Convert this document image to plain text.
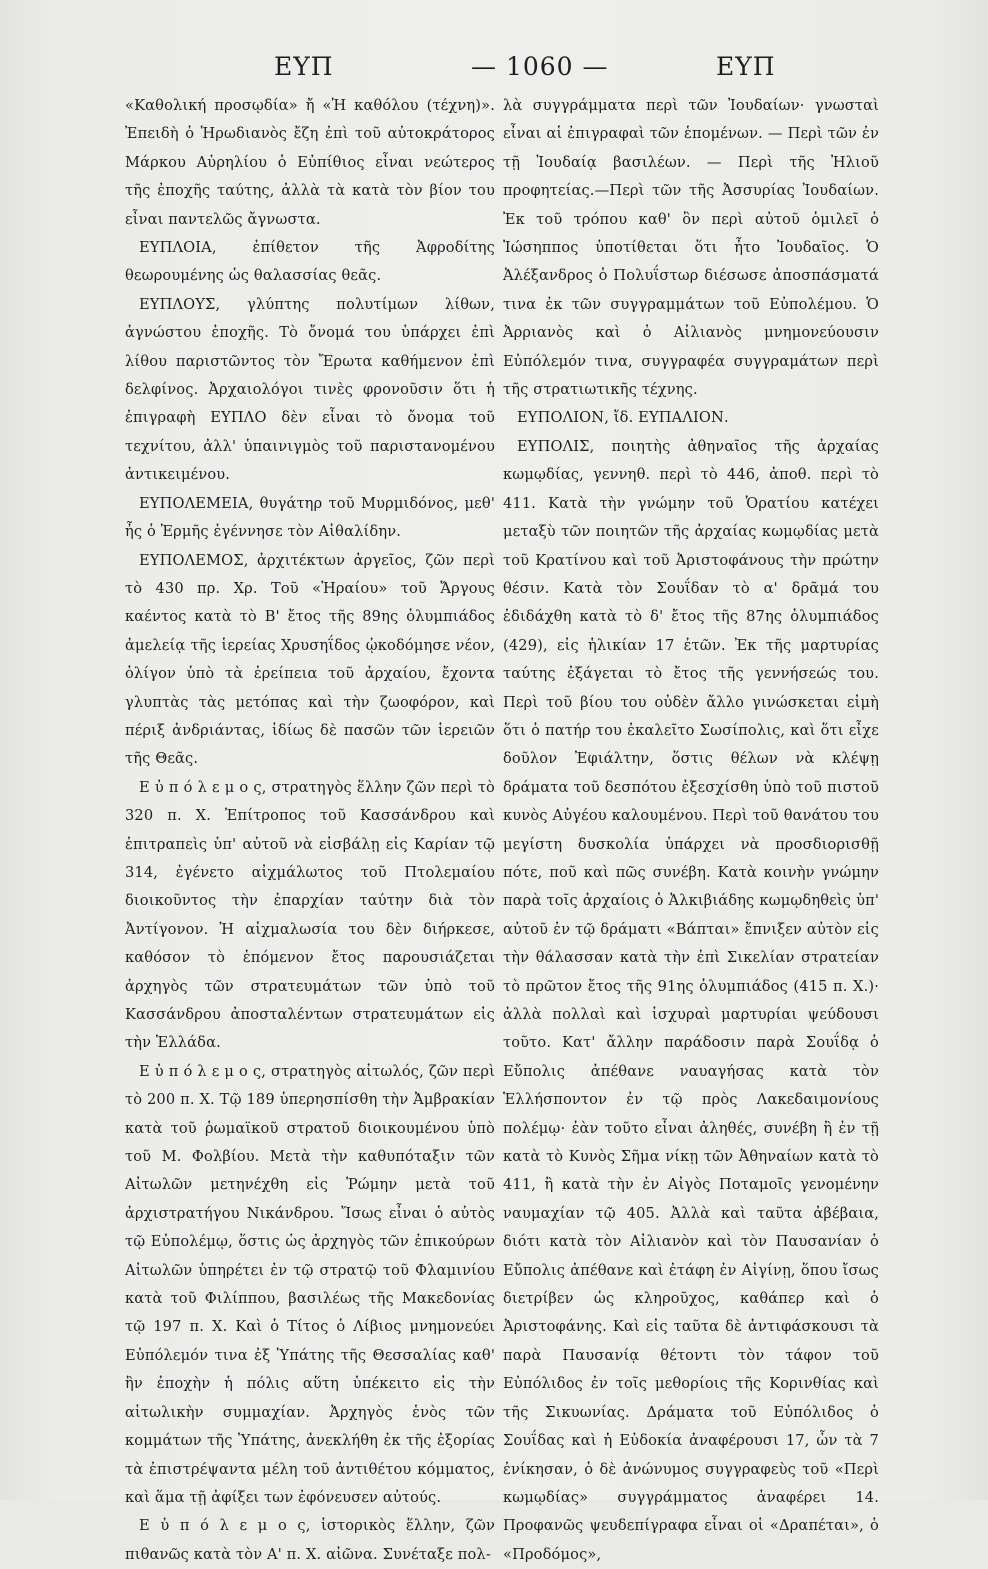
ΕΥΠ	— 1060 —	ΕΥΠ

«Καθολική προσῳδία» ἤ «Ἡ καθόλου (τέχνη)». Ἐπειδὴ ὁ Ἡρωδιανὸς ἔζη ἐπὶ τοῦ αὐτοκράτορος Μάρκου Αὐρηλίου ὁ Εὐπίθιος εἶναι νεώτερος τῆς ἐποχῆς ταύτης, ἀλλὰ τὰ κατὰ τὸν βίον του εἶναι παντελῶς ἄγνωστα.

ΕΥΠΛΟΙΑ, ἐπίθετον τῆς Ἀφροδίτης θεωρουμένης ὡς θαλασσίας θεᾶς.

ΕΥΠΛΟΥΣ, γλύπτης πολυτίμων λίθων, ἀγνώστου ἐποχῆς. Τὸ ὄνομά του ὑπάρχει ἐπὶ λίθου παριστῶντος τὸν Ἔρωτα καθήμενον ἐπὶ δελφίνος. Ἀρχαιολόγοι τινὲς φρονοῦσιν ὅτι ἡ ἐπιγραφὴ ΕΥΠΛΟ δὲν εἶναι τὸ ὄνομα τοῦ τεχνίτου, ἀλλ' ὑπαινιγμὸς τοῦ παριστανομένου ἀντικειμένου.

ΕΥΠΟΛΕΜΕΙΑ, θυγάτηρ τοῦ Μυρμιδόνος, μεθ' ἧς ὁ Ἑρμῆς ἐγέννησε τὸν Αἰθαλίδην.

ΕΥΠΟΛΕΜΟΣ, ἀρχιτέκτων ἀργεῖος, ζῶν περὶ τὸ 430 πρ. Χρ. Τοῦ «Ἡραίου» τοῦ Ἄργους καέντος κατὰ τὸ Β' ἔτος τῆς 89ης ὀλυμπιάδος ἀμελείᾳ τῆς ἱερείας Χρυσηΐδος ᾠκοδόμησε νέον, ὀλίγον ὑπὸ τὰ ἐρείπεια τοῦ ἀρχαίου, ἔχοντα γλυπτὰς τὰς μετόπας καὶ τὴν ζωοφόρον, καὶ πέριξ ἀνδριάντας, ἰδίως δὲ πασῶν τῶν ἱερειῶν τῆς Θεᾶς.

Ε ὐ π ό λ ε μ ο ς, στρατηγὸς ἕλλην ζῶν περὶ τὸ 320 π. Χ. Ἐπίτροπος τοῦ Κασσάνδρου καὶ ἐπιτραπεὶς ὑπ' αὐτοῦ νὰ εἰσβάλῃ εἰς Καρίαν τῷ 314, ἐγένετο αἰχμάλωτος τοῦ Πτολεμαίου διοικοῦντος τὴν ἐπαρχίαν ταύτην διὰ τὸν Ἀντίγονον. Ἡ αἰχμαλωσία του δὲν διήρκεσε, καθόσον τὸ ἑπόμενον ἔτος παρουσιάζεται ἀρχηγὸς τῶν στρατευμάτων τῶν ὑπὸ τοῦ Κασσάνδρου ἀποσταλέντων στρατευμάτων εἰς τὴν Ἑλλάδα.

Ε ὐ π ό λ ε μ ο ς, στρατηγὸς αἰτωλός, ζῶν περὶ τὸ 200 π. Χ. Τῷ 189 ὑπερησπίσθη τὴν Ἀμβρακίαν κατὰ τοῦ ῥωμαϊκοῦ στρατοῦ διοικουμένου ὑπὸ τοῦ Μ. Φολβίου. Μετὰ τὴν καθυπόταξιν τῶν Αἰτωλῶν μετηνέχθη εἰς Ῥώμην μετὰ τοῦ ἀρχιστρατήγου Νικάνδρου. Ἴσως εἶναι ὁ αὐτὸς τῷ Εὐπολέμῳ, ὅστις ὡς ἀρχηγὸς τῶν ἐπικούρων Αἰτωλῶν ὑπηρέτει ἐν τῷ στρατῷ τοῦ Φλαμινίου κατὰ τοῦ Φιλίππου, βασιλέως τῆς Μακεδονίας τῷ 197 π. Χ. Καὶ ὁ Τίτος ὁ Λίβιος μνημονεύει Εὐπόλεμόν τινα ἐξ Ὑπάτης τῆς Θεσσαλίας καθ' ἣν ἐποχὴν ἡ πόλις αὕτη ὑπέκειτο εἰς τὴν αἰτωλικὴν συμμαχίαν. Ἀρχηγὸς ἑνὸς τῶν κομμάτων τῆς Ὑπάτης, ἀνεκλήθη ἐκ τῆς ἐξορίας τὰ ἐπιστρέψαντα μέλη τοῦ ἀντιθέτου κόμματος, καὶ ἅμα τῇ ἀφίξει των ἐφόνευσεν αὐτούς.

Ε ὐ π ό λ ε μ ο ς, ἱστορικὸς ἕλλην, ζῶν πιθανῶς κατὰ τὸν Α' π. Χ. αἰῶνα. Συνέταξε πολ-

λὰ συγγράμματα περὶ τῶν Ἰουδαίων· γνωσταὶ εἶναι αἱ ἐπιγραφαὶ τῶν ἑπομένων. — Περὶ τῶν ἐν τῇ Ἰουδαίᾳ βασιλέων. — Περὶ τῆς Ἠλιοῦ προφητείας.—Περὶ τῶν τῆς Ἀσσυρίας Ἰουδαίων. Ἐκ τοῦ τρόπου καθ' ὃν περὶ αὐτοῦ ὁμιλεῖ ὁ Ἰώσηππος ὑποτίθεται ὅτι ἦτο Ἰουδαῖος. Ὁ Ἀλέξανδρος ὁ Πολυΐστωρ διέσωσε ἀποσπάσματά τινα ἐκ τῶν συγγραμμάτων τοῦ Εὐπολέμου. Ὁ Ἀρριανὸς καὶ ὁ Αἰλιανὸς μνημονεύουσιν Εὐπόλεμόν τινα, συγγραφέα συγγραμάτων περὶ τῆς στρατιωτικῆς τέχνης.

ΕΥΠΟΛΙΟΝ, ἴδ. ΕΥΠΑΛΙΟΝ.

ΕΥΠΟΛΙΣ, ποιητὴς ἀθηναῖος τῆς ἀρχαίας κωμῳδίας, γεννηθ. περὶ τὸ 446, ἀποθ. περὶ τὸ 411. Κατὰ τὴν γνώμην τοῦ Ὁρατίου κατέχει μεταξὺ τῶν ποιητῶν τῆς ἀρχαίας κωμῳδίας μετὰ τοῦ Κρατίνου καὶ τοῦ Ἀριστοφάνους τὴν πρώτην θέσιν. Κατὰ τὸν Σουΐδαν τὸ α' δρᾶμά του ἐδιδάχθη κατὰ τὸ δ' ἔτος τῆς 87ης ὀλυμπιάδος (429), εἰς ἡλικίαν 17 ἐτῶν. Ἐκ τῆς μαρτυρίας ταύτης ἐξάγεται τὸ ἔτος τῆς γεννήσεώς του. Περὶ τοῦ βίου του οὐδὲν ἄλλο γινώσκεται εἰμὴ ὅτι ὁ πατήρ του ἐκαλεῖτο Σωσίπολις, καὶ ὅτι εἶχε δοῦλον Ἐφιάλτην, ὅστις θέλων νὰ κλέψῃ δράματα τοῦ δεσπότου ἐξεσχίσθη ὑπὸ τοῦ πιστοῦ κυνὸς Αὐγέου καλουμένου. Περὶ τοῦ θανάτου του μεγίστη δυσκολία ὑπάρχει νὰ προσδιορισθῇ πότε, ποῦ καὶ πῶς συνέβη. Κατὰ κοινὴν γνώμην παρὰ τοῖς ἀρχαίοις ὁ Ἀλκιβιάδης κωμῳδηθεὶς ὑπ' αὐτοῦ ἐν τῷ δράματι «Βάπται» ἔπνιξεν αὐτὸν εἰς τὴν θάλασσαν κατὰ τὴν ἐπὶ Σικελίαν στρατείαν τὸ πρῶτον ἔτος τῆς 91ης ὀλυμπιάδος (415 π. Χ.)· ἀλλὰ πολλαὶ καὶ ἰσχυραὶ μαρτυρίαι ψεύδουσι τοῦτο. Κατ' ἄλλην παράδοσιν παρὰ Σουΐδᾳ ὁ Εὔπολις ἀπέθανε ναυαγήσας κατὰ τὸν Ἑλλήσποντον ἐν τῷ πρὸς Λακεδαιμονίους πολέμῳ· ἐὰν τοῦτο εἶναι ἀληθές, συνέβη ἢ ἐν τῇ κατὰ τὸ Κυνὸς Σῆμα νίκῃ τῶν Ἀθηναίων κατὰ τὸ 411, ἢ κατὰ τὴν ἐν Αἰγὸς Ποταμοῖς γενομένην ναυμαχίαν τῷ 405. Ἀλλὰ καὶ ταῦτα ἀβέβαια, διότι κατὰ τὸν Αἰλιανὸν καὶ τὸν Παυσανίαν ὁ Εὔπολις ἀπέθανε καὶ ἐτάφη ἐν Αἰγίνῃ, ὅπου ἴσως διετρίβεν ὡς κληροῦχος, καθάπερ καὶ ὁ Ἀριστοφάνης. Καὶ εἰς ταῦτα δὲ ἀντιφάσκουσι τὰ παρὰ Παυσανίᾳ θέτοντι τὸν τάφον τοῦ Εὐπόλιδος ἐν τοῖς μεθορίοις τῆς Κορινθίας καὶ τῆς Σικυωνίας. Δράματα τοῦ Εὐπόλιδος ὁ Σουΐδας καὶ ἡ Εὐδοκία ἀναφέρουσι 17, ὧν τὰ 7 ἐνίκησαν, ὁ δὲ ἀνώνυμος συγγραφεὺς τοῦ «Περὶ κωμῳδίας» συγγράμματος ἀναφέρει 14. Προφανῶς ψευδεπίγραφα εἶναι οἱ «Δραπέται», ὁ «Προδόμος»,
